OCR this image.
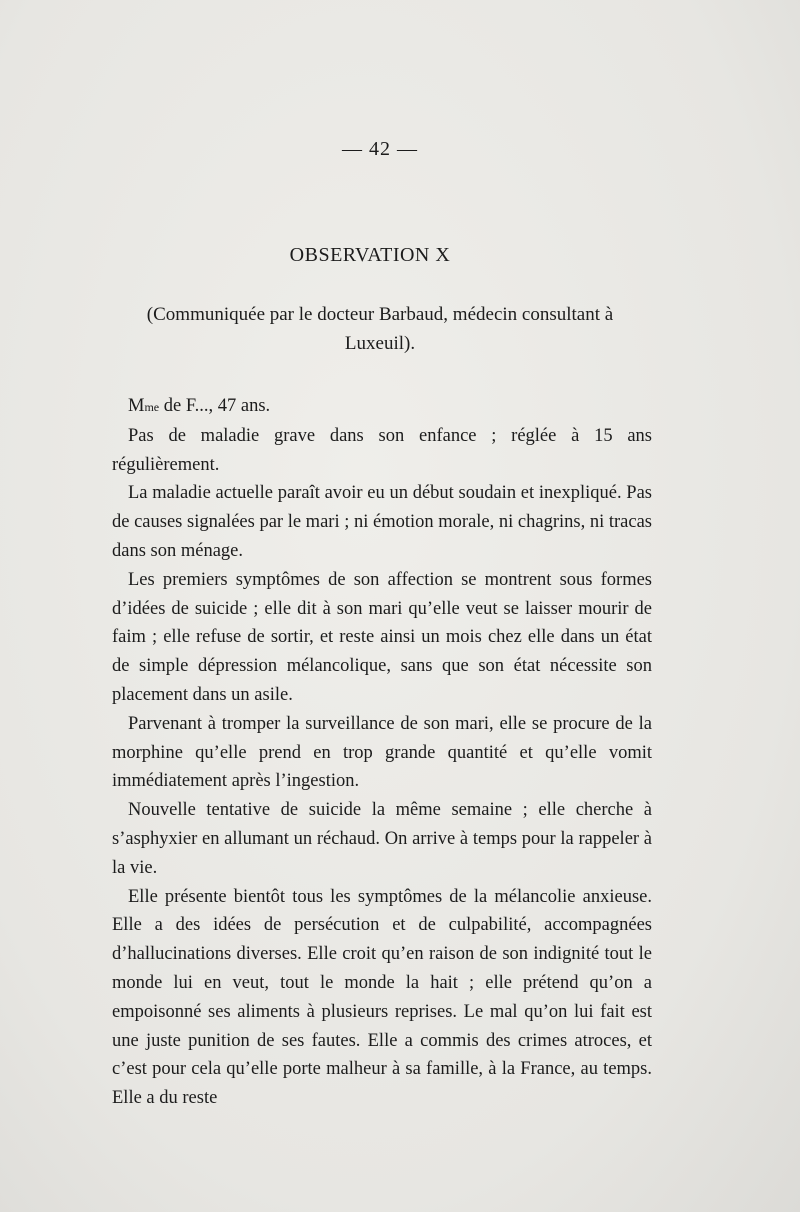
— 42 —
OBSERVATION X
(Communiquée par le docteur Barbaud, médecin consultant à Luxeuil).

Mme de F..., 47 ans.

Pas de maladie grave dans son enfance ; réglée à 15 ans régulièrement.

La maladie actuelle paraît avoir eu un début soudain et inexpliqué. Pas de causes signalées par le mari ; ni émotion morale, ni chagrins, ni tracas dans son ménage.

Les premiers symptômes de son affection se montrent sous formes d’idées de suicide ; elle dit à son mari qu’elle veut se laisser mourir de faim ; elle refuse de sortir, et reste ainsi un mois chez elle dans un état de simple dépression mélancolique, sans que son état nécessite son placement dans un asile.

Parvenant à tromper la surveillance de son mari, elle se procure de la morphine qu’elle prend en trop grande quantité et qu’elle vomit immédiatement après l’ingestion.

Nouvelle tentative de suicide la même semaine ; elle cherche à s’asphyxier en allumant un réchaud. On arrive à temps pour la rappeler à la vie.

Elle présente bientôt tous les symptômes de la mélancolie anxieuse. Elle a des idées de persécution et de culpabilité, accompagnées d’hallucinations diverses. Elle croit qu’en raison de son indignité tout le monde lui en veut, tout le monde la hait ; elle prétend qu’on a empoisonné ses aliments à plusieurs reprises. Le mal qu’on lui fait est une juste punition de ses fautes. Elle a commis des crimes atroces, et c’est pour cela qu’elle porte malheur à sa famille, à la France, au temps. Elle a du reste
